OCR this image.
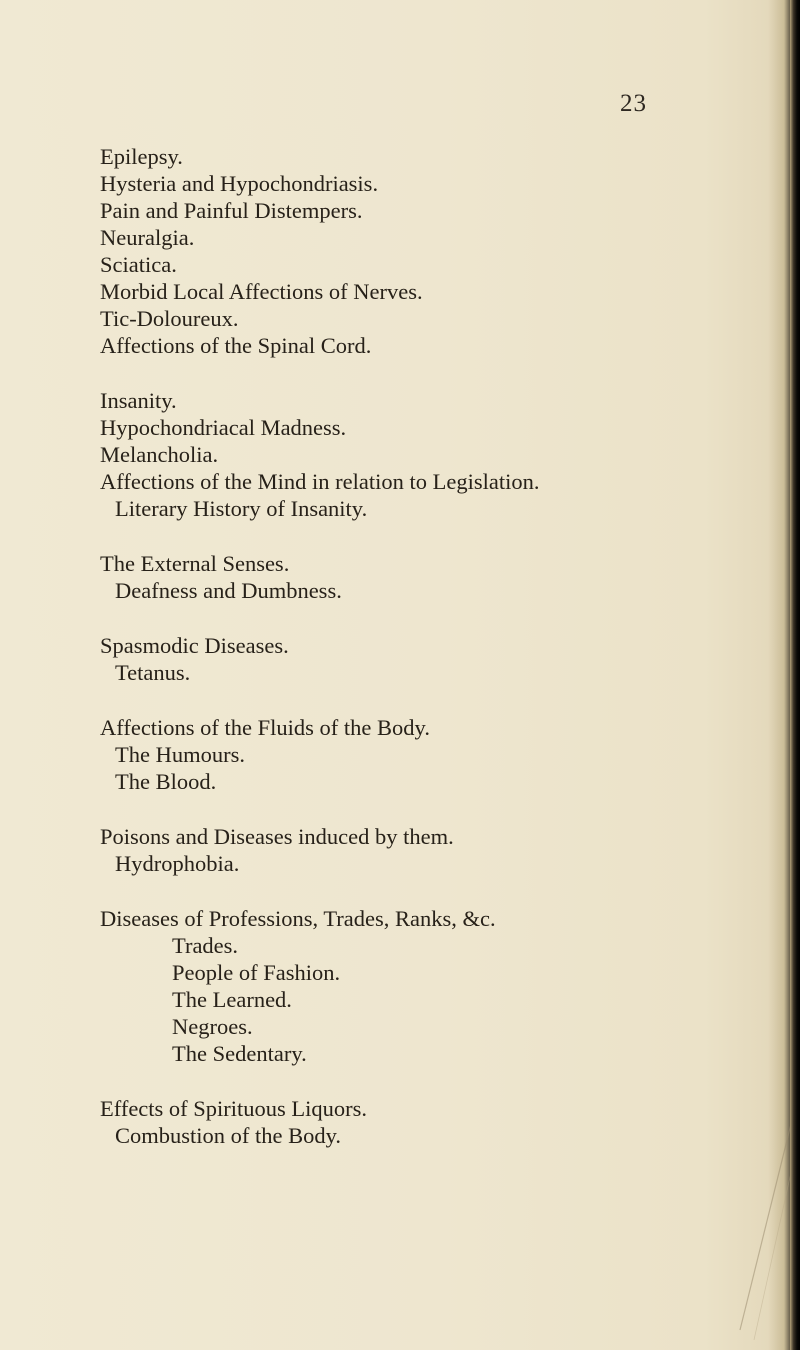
23
Epilepsy.
Hysteria and Hypochondriasis.
Pain and Painful Distempers.
Neuralgia.
Sciatica.
Morbid Local Affections of Nerves.
Tic-Doloureux.
Affections of the Spinal Cord.
Insanity.
Hypochondriacal Madness.
Melancholia.
Affections of the Mind in relation to Legislation.
Literary History of Insanity.
The External Senses.
Deafness and Dumbness.
Spasmodic Diseases.
Tetanus.
Affections of the Fluids of the Body.
The Humours.
The Blood.
Poisons and Diseases induced by them.
Hydrophobia.
Diseases of Professions, Trades, Ranks, &c.
Trades.
People of Fashion.
The Learned.
Negroes.
The Sedentary.
Effects of Spirituous Liquors.
Combustion of the Body.
